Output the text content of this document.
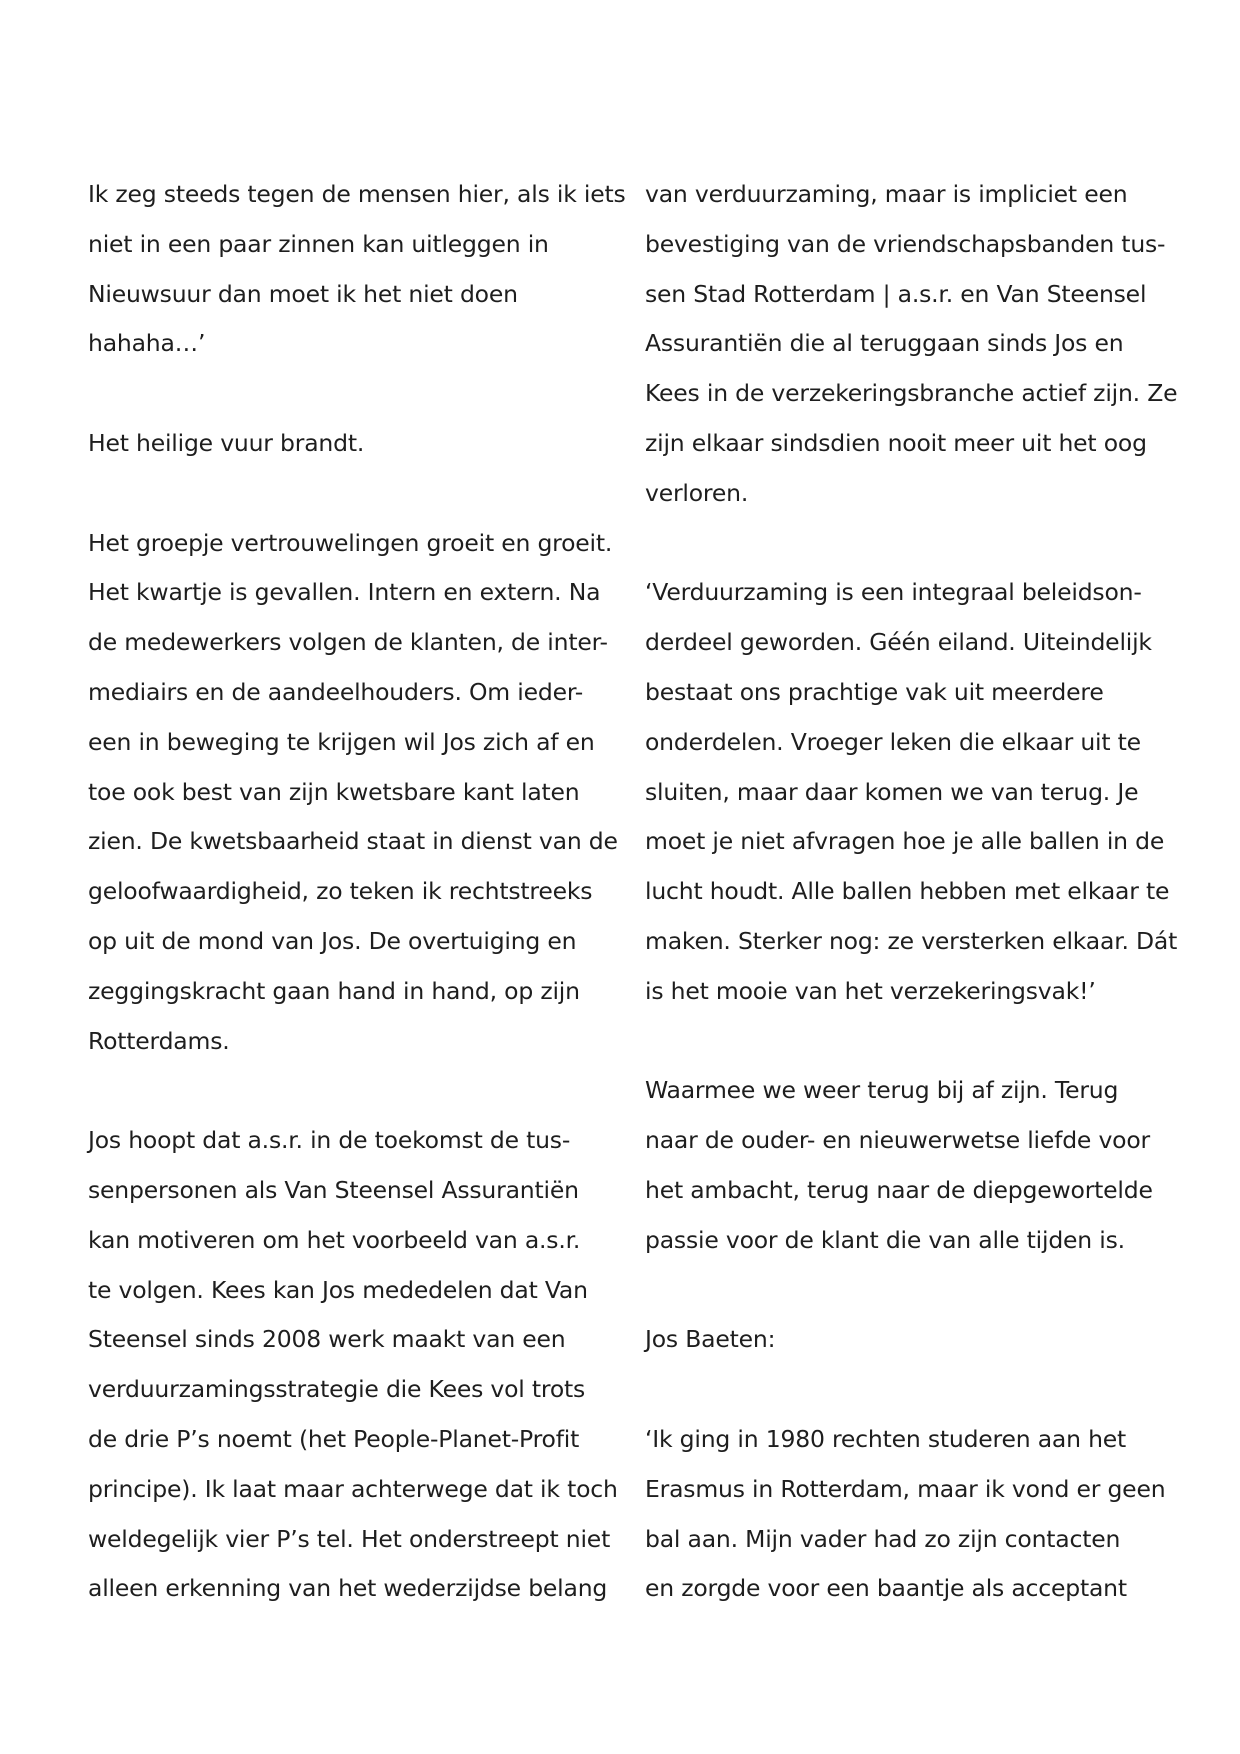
Ik zeg steeds tegen de mensen hier, als ik iets
niet in een paar zinnen kan uitleggen in
Nieuwsuur dan moet ik het niet doen
hahaha…’

Het heilige vuur brandt.

Het groepje vertrouwelingen groeit en groeit.
Het kwartje is gevallen. Intern en extern. Na
de medewerkers volgen de klanten, de inter-
mediairs en de aandeelhouders. Om ieder-
een in beweging te krijgen wil Jos zich af en
toe ook best van zijn kwetsbare kant laten
zien. De kwetsbaarheid staat in dienst van de
geloofwaardigheid, zo teken ik rechtstreeks
op uit de mond van Jos. De overtuiging en
zeggingskracht gaan hand in hand, op zijn
Rotterdams.

Jos hoopt dat a.s.r. in de toekomst de tus-
senpersonen als Van Steensel Assurantiën
kan motiveren om het voorbeeld van a.s.r.
te volgen. Kees kan Jos mededelen dat Van
Steensel sinds 2008 werk maakt van een
verduurzamingsstrategie die Kees vol trots
de drie P’s noemt (het People-Planet-Profit
principe). Ik laat maar achterwege dat ik toch
weldegelijk vier P’s tel. Het onderstreept niet
alleen erkenning van het wederzijdse belang

van verduurzaming, maar is impliciet een
bevestiging van de vriendschapsbanden tus-
sen Stad Rotterdam | a.s.r. en Van Steensel
Assurantiën die al teruggaan sinds Jos en
Kees in de verzekeringsbranche actief zijn. Ze
zijn elkaar sindsdien nooit meer uit het oog
verloren.

‘Verduurzaming is een integraal beleidson-
derdeel geworden. Géén eiland. Uiteindelijk
bestaat ons prachtige vak uit meerdere
onderdelen. Vroeger leken die elkaar uit te
sluiten, maar daar komen we van terug. Je
moet je niet afvragen hoe je alle ballen in de
lucht houdt. Alle ballen hebben met elkaar te
maken. Sterker nog: ze versterken elkaar. Dát
is het mooie van het verzekeringsvak!’

Waarmee we weer terug bij af zijn. Terug
naar de ouder- en nieuwerwetse liefde voor
het ambacht, terug naar de diepgewortelde
passie voor de klant die van alle tijden is.

Jos Baeten:

‘Ik ging in 1980 rechten studeren aan het
Erasmus in Rotterdam, maar ik vond er geen
bal aan. Mijn vader had zo zijn contacten
en zorgde voor een baantje als acceptant
